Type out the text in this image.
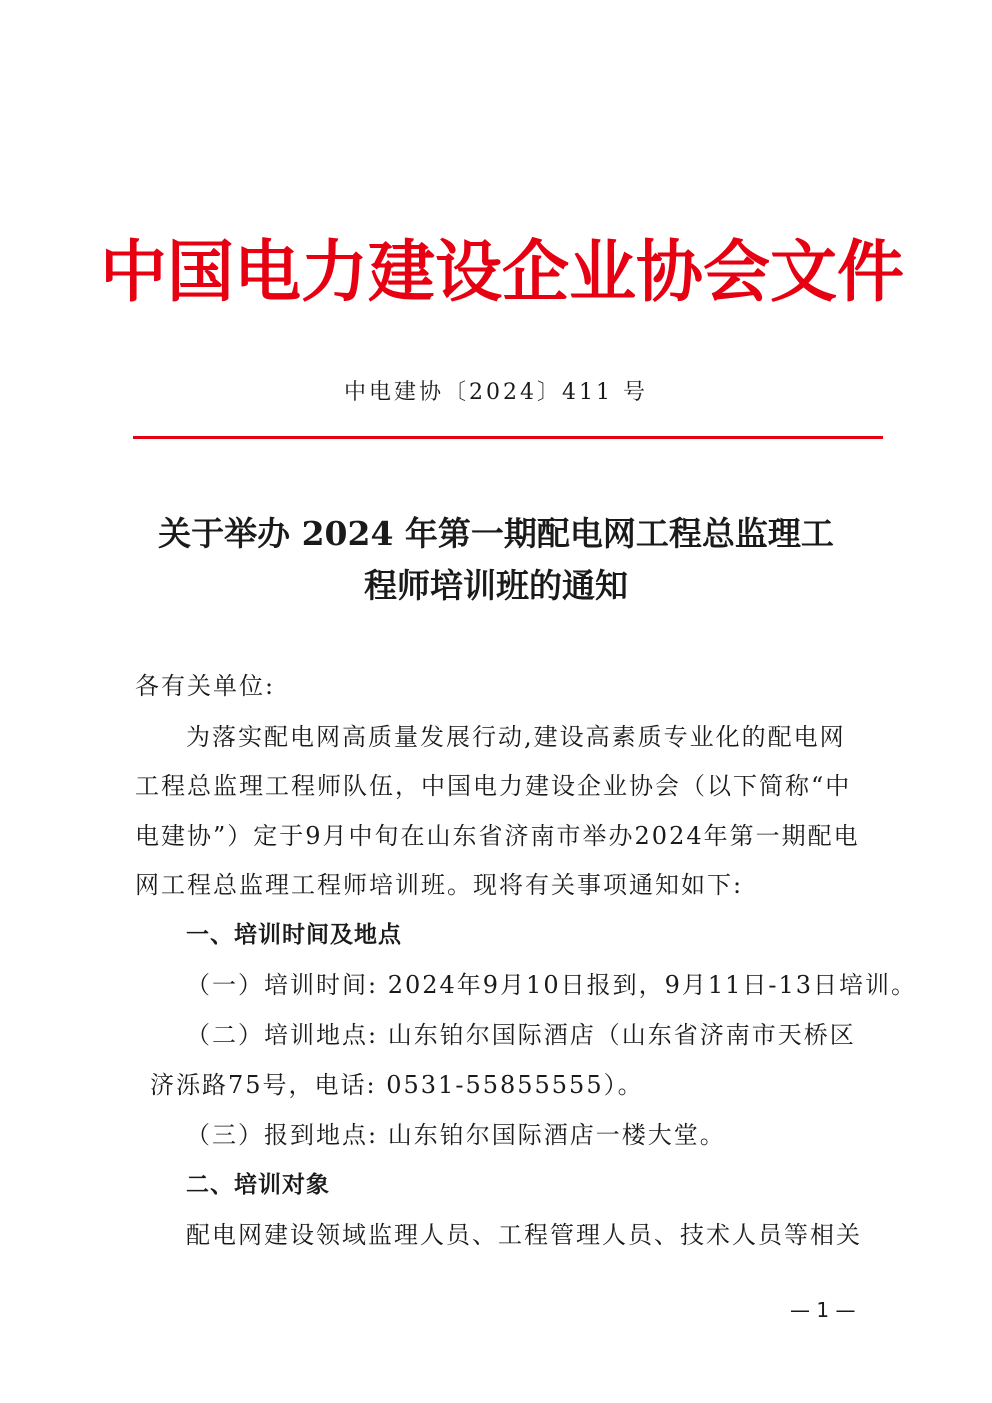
中国电力建设企业协会文件
中电建协〔2024〕411 号
关于举办 2024 年第一期配电网工程总监理工
程师培训班的通知
各有关单位:
为落实配电网高质量发展行动,建设高素质专业化的配电网
工程总监理工程师队伍，中国电力建设企业协会（以下简称“中
电建协”）定于9月中旬在山东省济南市举办2024年第一期配电
网工程总监理工程师培训班。现将有关事项通知如下:
一、培训时间及地点
（一）培训时间: 2024年9月10日报到，9月11日-13日培训。
（二）培训地点: 山东铂尔国际酒店（山东省济南市天桥区
济泺路75号，电话: 0531-55855555）。
（三）报到地点: 山东铂尔国际酒店一楼大堂。
二、培训对象
配电网建设领域监理人员、工程管理人员、技术人员等相关
— 1 —
